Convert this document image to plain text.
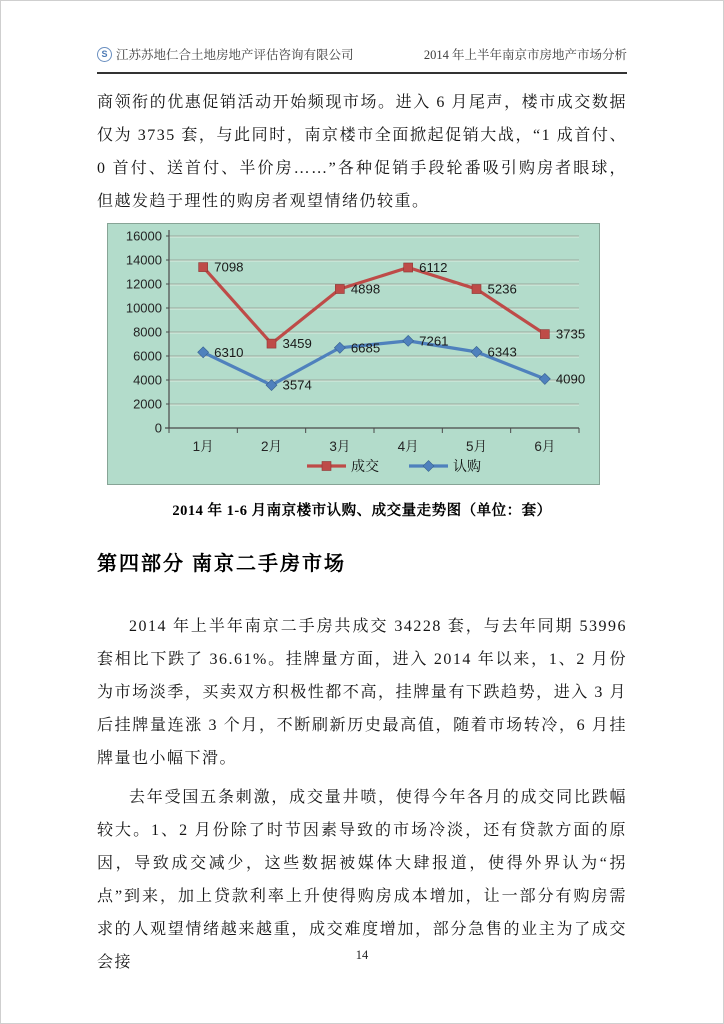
S 江苏苏地仁合土地房地产评估咨询有限公司	2014 年上半年南京市房地产市场分析

商领衔的优惠促销活动开始频现市场。进入 6 月尾声，楼市成交数据仅为 3735 套，与此同时，南京楼市全面掀起促销大战，“1 成首付、0 首付、送首付、半价房……”各种促销手段轮番吸引购房者眼球，但越发趋于理性的购房者观望情绪仍较重。

0
2000
4000
6000
8000
10000
12000
14000
16000
1月	2月	3月	4月	5月	6月
6310
3574
6685	7261
6343
4090
7098
3459
4898
6112
5236
3735
成交	认购
2014 年 1-6 月南京楼市认购、成交量走势图（单位：套）
第四部分 南京二手房市场

2014 年上半年南京二手房共成交 34228 套，与去年同期 53996 套相比下跌了 36.61%。挂牌量方面，进入 2014 年以来，1、2 月份为市场淡季，买卖双方积极性都不高，挂牌量有下跌趋势，进入 3 月后挂牌量连涨 3 个月，不断刷新历史最高值，随着市场转冷，6 月挂牌量也小幅下滑。

去年受国五条刺激，成交量井喷，使得今年各月的成交同比跌幅较大。1、2 月份除了时节因素导致的市场冷淡，还有贷款方面的原因，导致成交减少，这些数据被媒体大肆报道，使得外界认为“拐点”到来，加上贷款利率上升使得购房成本增加，让一部分有购房需求的人观望情绪越来越重，成交难度增加，部分急售的业主为了成交会接	14
